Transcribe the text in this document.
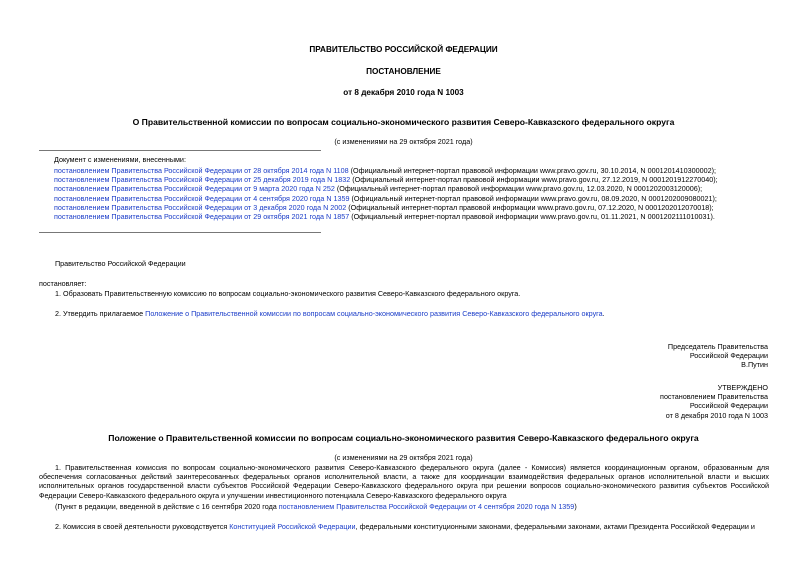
ПРАВИТЕЛЬСТВО РОССИЙСКОЙ ФЕДЕРАЦИИ
ПОСТАНОВЛЕНИЕ
от 8 декабря 2010 года N 1003
О Правительственной комиссии по вопросам социально-экономического развития Северо-Кавказского федерального округа
(с изменениями на 29 октября 2021 года)
Документ с изменениями, внесенными:
постановлением Правительства Российской Федерации от 28 октября 2014 года N 1108 (Официальный интернет-портал правовой информации www.pravo.gov.ru, 30.10.2014, N 0001201410300002);
постановлением Правительства Российской Федерации от 25 декабря 2019 года N 1832 (Официальный интернет-портал правовой информации www.pravo.gov.ru, 27.12.2019, N 0001201912270040);
постановлением Правительства Российской Федерации от 9 марта 2020 года N 252 (Официальный интернет-портал правовой информации www.pravo.gov.ru, 12.03.2020, N 0001202003120006);
постановлением Правительства Российской Федерации от 4 сентября 2020 года N 1359 (Официальный интернет-портал правовой информации www.pravo.gov.ru, 08.09.2020, N 0001202009080021);
постановлением Правительства Российской Федерации от 3 декабря 2020 года N 2002 (Официальный интернет-портал правовой информации www.pravo.gov.ru, 07.12.2020, N 0001202012070018);
постановлением Правительства Российской Федерации от 29 октября 2021 года N 1857 (Официальный интернет-портал правовой информации www.pravo.gov.ru, 01.11.2021, N 0001202111010031).
Правительство Российской Федерации
постановляет:
1. Образовать Правительственную комиссию по вопросам социально-экономического развития Северо-Кавказского федерального округа.
2. Утвердить прилагаемое Положение о Правительственной комиссии по вопросам социально-экономического развития Северо-Кавказского федерального округа.
Председатель Правительства
Российской Федерации
В.Путин
УТВЕРЖДЕНО
постановлением Правительства
Российской Федерации
от 8 декабря 2010 года N 1003
Положение о Правительственной комиссии по вопросам социально-экономического развития Северо-Кавказского федерального округа
(с изменениями на 29 октября 2021 года)
1. Правительственная комиссия по вопросам социально-экономического развития Северо-Кавказского федерального округа (далее - Комиссия) является координационным органом, образованным для обеспечения согласованных действий заинтересованных федеральных органов исполнительной власти, а также для координации взаимодействия федеральных органов исполнительной власти и высших исполнительных органов государственной власти субъектов Российской Федерации Северо-Кавказского федерального округа при решении вопросов социально-экономического развития субъектов Российской Федерации Северо-Кавказского федерального округа и улучшении инвестиционного потенциала Северо-Кавказского федерального округа
(Пункт в редакции, введенной в действие с 16 сентября 2020 года постановлением Правительства Российской Федерации от 4 сентября 2020 года N 1359)
2. Комиссия в своей деятельности руководствуется Конституцией Российской Федерации, федеральными конституционными законами, федеральными законами, актами Президента Российской Федерации и
